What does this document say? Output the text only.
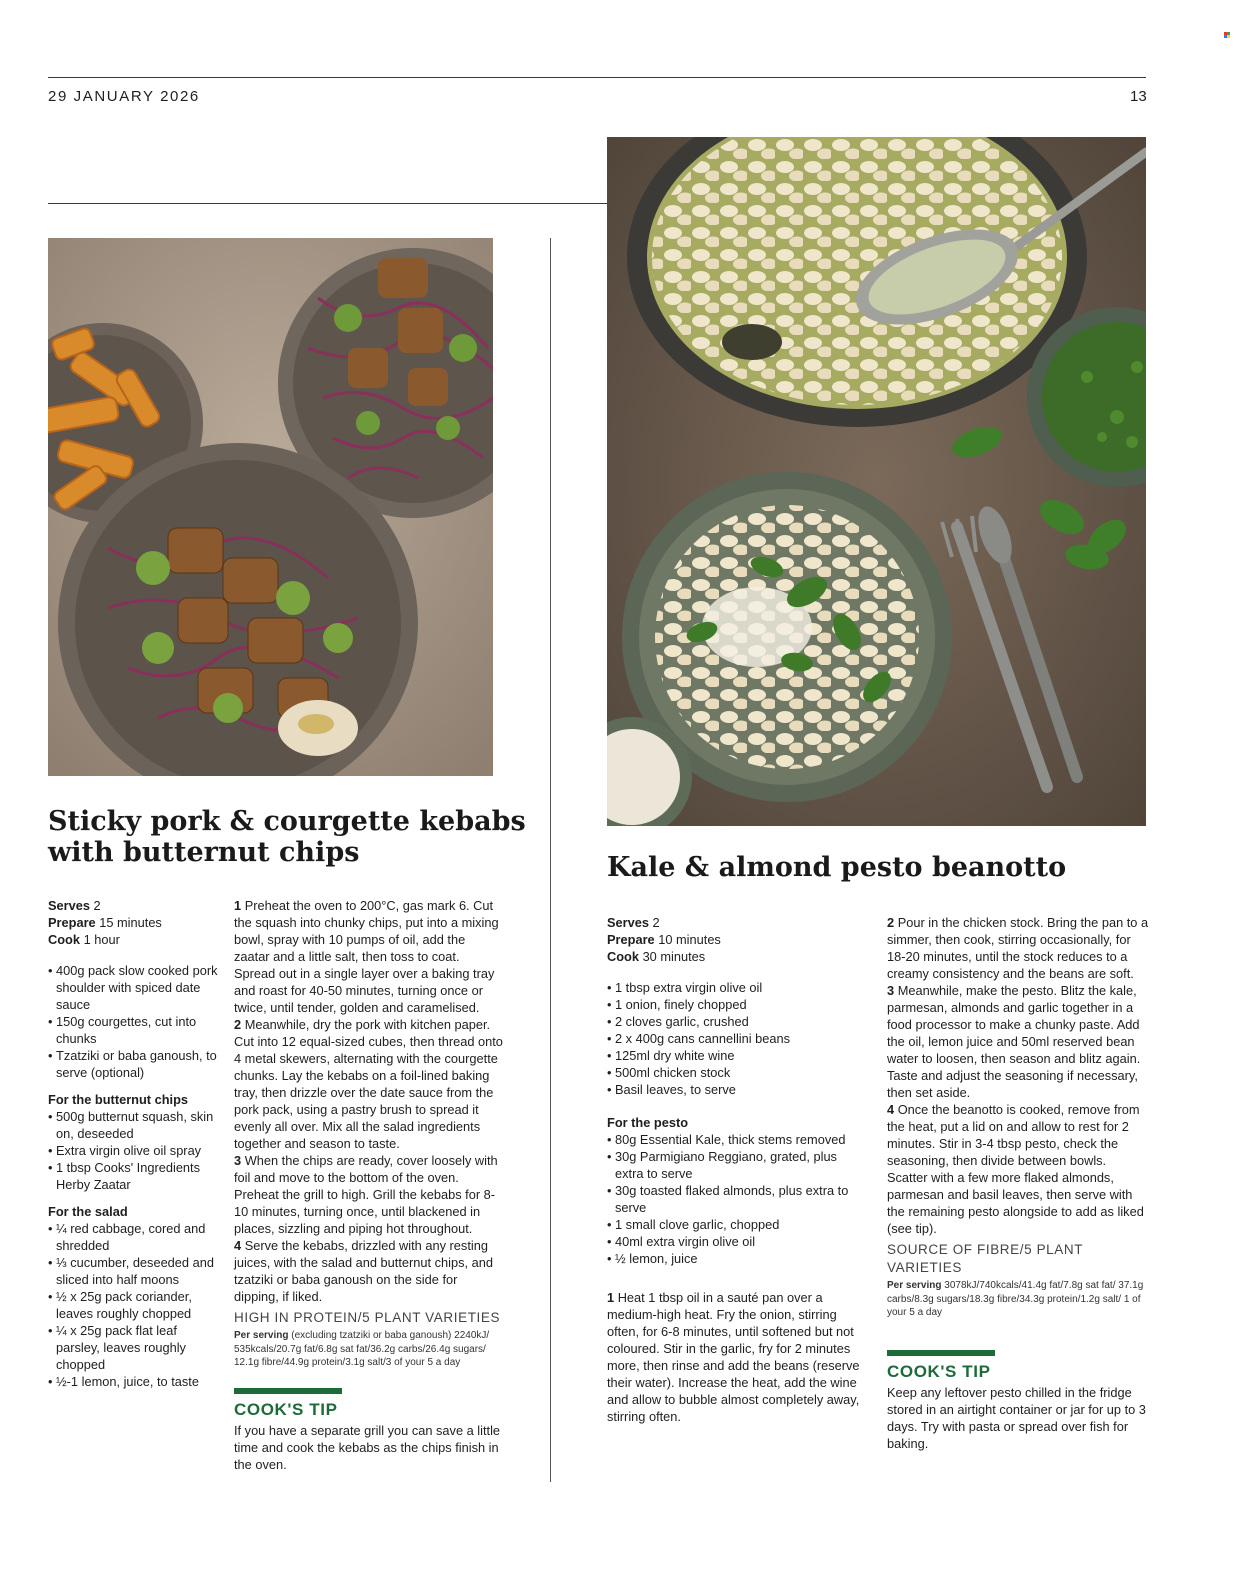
29 JANUARY 2026	13
Sticky pork & courgette kebabs
with butternut chips
Serves 2
Prepare 15 minutes
Cook 1 hour
• 400g pack slow cooked pork shoulder with spiced date sauce
• 150g courgettes, cut into chunks
• Tzatziki or baba ganoush, to serve (optional)
For the butternut chips
• 500g butternut squash, skin on, deseeded
• Extra virgin olive oil spray
• 1 tbsp Cooks' Ingredients Herby Zaatar
For the salad
• ¼ red cabbage, cored and shredded
• ⅓ cucumber, deseeded and sliced into half moons
• ½ x 25g pack coriander, leaves roughly chopped
• ¼ x 25g pack flat leaf parsley, leaves roughly chopped
• ½-1 lemon, juice, to taste
1 Preheat the oven to 200°C, gas mark 6. Cut the squash into chunky chips, put into a mixing bowl, spray with 10 pumps of oil, add the zaatar and a little salt, then toss to coat. Spread out in a single layer over a baking tray and roast for 40-50 minutes, turning once or twice, until tender, golden and caramelised.
2 Meanwhile, dry the pork with kitchen paper. Cut into 12 equal-sized cubes, then thread onto 4 metal skewers, alternating with the courgette chunks. Lay the kebabs on a foil-lined baking tray, then drizzle over the date sauce from the pork pack, using a pastry brush to spread it evenly all over. Mix all the salad ingredients together and season to taste.
3 When the chips are ready, cover loosely with foil and move to the bottom of the oven. Preheat the grill to high. Grill the kebabs for 8-10 minutes, turning once, until blackened in places, sizzling and piping hot throughout.
4 Serve the kebabs, drizzled with any resting juices, with the salad and butternut chips, and tzatziki or baba ganoush on the side for dipping, if liked.
HIGH IN PROTEIN/5 PLANT VARIETIES
Per serving (excluding tzatziki or baba ganoush) 2240kJ/ 535kcals/20.7g fat/6.8g sat fat/36.2g carbs/26.4g sugars/ 12.1g fibre/44.9g protein/3.1g salt/3 of your 5 a day
COOK'S TIP
If you have a separate grill you can save a little time and cook the kebabs as the chips finish in the oven.
Kale & almond pesto beanotto
Serves 2
Prepare 10 minutes
Cook 30 minutes
• 1 tbsp extra virgin olive oil
• 1 onion, finely chopped
• 2 cloves garlic, crushed
• 2 x 400g cans cannellini beans
• 125ml dry white wine
• 500ml chicken stock
• Basil leaves, to serve
For the pesto
• 80g Essential Kale, thick stems removed
• 30g Parmigiano Reggiano, grated, plus extra to serve
• 30g toasted flaked almonds, plus extra to serve
• 1 small clove garlic, chopped
• 40ml extra virgin olive oil
• ½ lemon, juice
1 Heat 1 tbsp oil in a sauté pan over a medium-high heat. Fry the onion, stirring often, for 6-8 minutes, until softened but not coloured. Stir in the garlic, fry for 2 minutes more, then rinse and add the beans (reserve their water). Increase the heat, add the wine and allow to bubble almost completely away, stirring often.
2 Pour in the chicken stock. Bring the pan to a simmer, then cook, stirring occasionally, for 18-20 minutes, until the stock reduces to a creamy consistency and the beans are soft.
3 Meanwhile, make the pesto. Blitz the kale, parmesan, almonds and garlic together in a food processor to make a chunky paste. Add the oil, lemon juice and 50ml reserved bean water to loosen, then season and blitz again. Taste and adjust the seasoning if necessary, then set aside.
4 Once the beanotto is cooked, remove from the heat, put a lid on and allow to rest for 2 minutes. Stir in 3-4 tbsp pesto, check the seasoning, then divide between bowls. Scatter with a few more flaked almonds, parmesan and basil leaves, then serve with the remaining pesto alongside to add as liked (see tip).
SOURCE OF FIBRE/5 PLANT VARIETIES
Per serving 3078kJ/740kcals/41.4g fat/7.8g sat fat/ 37.1g carbs/8.3g sugars/18.3g fibre/34.3g protein/1.2g salt/ 1 of your 5 a day
COOK'S TIP
Keep any leftover pesto chilled in the fridge stored in an airtight container or jar for up to 3 days. Try with pasta or spread over fish for baking.
